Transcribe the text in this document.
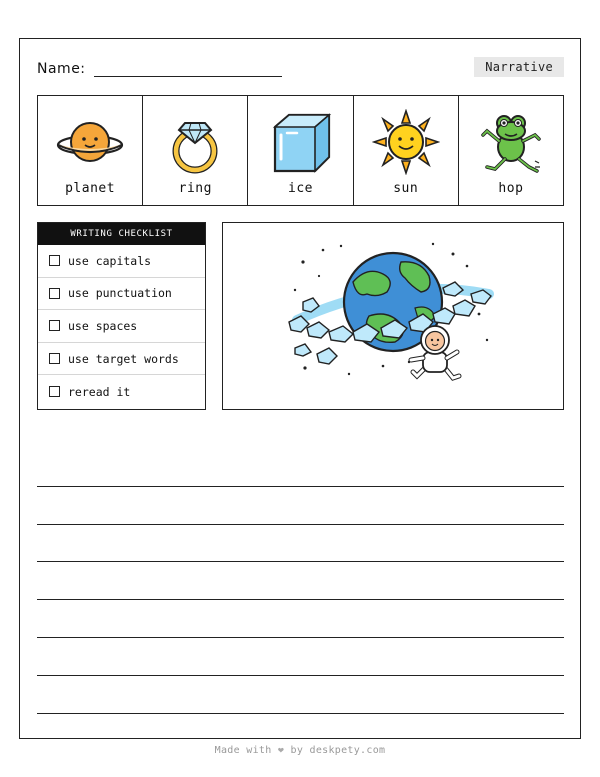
Name:	Narrative
planet	ring	ice	sun	hop
WRITING CHECKLIST
use capitals
use punctuation
use spaces
use target words
reread it
Made with ❤ by deskpety.com
